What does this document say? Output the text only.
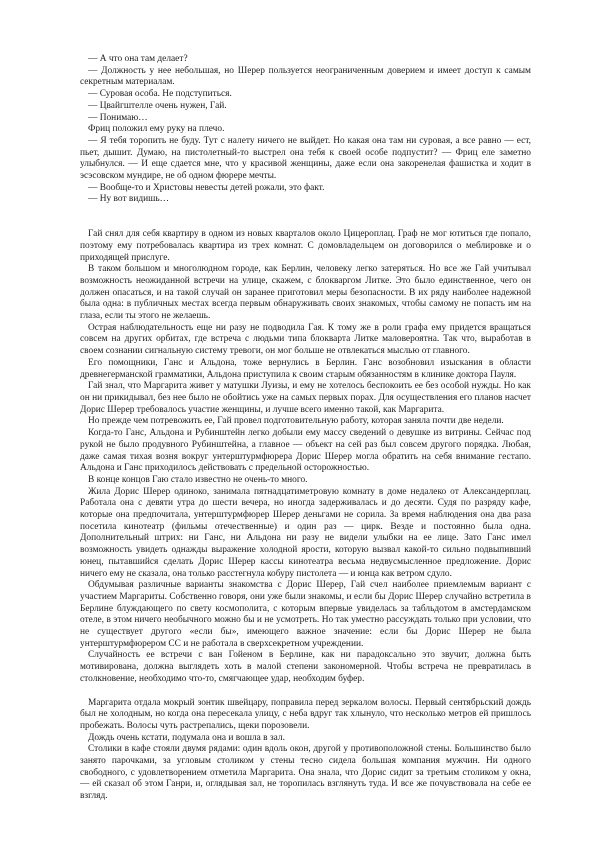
— А что она там делает?

— Должность у нее небольшая, но Шерер пользуется неограниченным доверием и имеет доступ к самым секретным материалам.

— Суровая особа. Не подступиться.

— Цвайгштелле очень нужен, Гай.

— Понимаю…

Фриц положил ему руку на плечо.

— Я тебя торопить не буду. Тут с налету ничего не выйдет. Но какая она там ни суровая, а все равно — ест, пьет, дышит. Думаю, на пистолетный-то выстрел она тебя к своей особе подпустит? — Фриц еле заметно улыбнулся. — И еще сдается мне, что у красивой женщины, даже если она закоренелая фашистка и ходит в эсэсовском мундире, не об одном фюрере мечты.

— Вообще-то и Христовы невесты детей рожали, это факт.

— Ну вот видишь…

Гай снял для себя квартиру в одном из новых кварталов около Цицероплац. Граф не мог ютиться где попало, поэтому ему потребовалась квартира из трех комнат. С домовладельцем он договорился о меблировке и о приходящей прислуге.

В таком большом и многолюдном городе, как Берлин, человеку легко затеряться. Но все же Гай учитывал возможность неожиданной встречи на улице, скажем, с блокваргом Литке. Это было единственное, чего он должен опасаться, и на такой случай он заранее приготовил меры безопасности. В их ряду наиболее надежной была одна: в публичных местах всегда первым обнаруживать своих знакомых, чтобы самому не попасть им на глаза, если ты этого не желаешь.

Острая наблюдательность еще ни разу не подводила Гая. К тому же в роли графа ему придется вращаться совсем на других орбитах, где встреча с людьми типа блокварта Литке маловероятна. Так что, выработав в своем сознании сигнальную систему тревоги, он мог больше не отвлекаться мыслью от главного.

Его помощники, Ганс и Альдона, тоже вернулись в Берлин. Ганс возобновил изыскания в области древнегерманской грамматики, Альдона приступила к своим старым обязанностям в клинике доктора Пауля.

Гай знал, что Маргарита живет у матушки Луизы, и ему не хотелось беспокоить ее без особой нужды. Но как он ни прикидывал, без нее было не обойтись уже на самых первых порах. Для осуществления его планов насчет Дорис Шерер требовалось участие женщины, и лучше всего именно такой, как Маргарита.

Но прежде чем потревожить ее, Гай провел подготовительную работу, которая заняла почти две недели.

Когда-то Ганс, Альдона и Рубинштейн легко добыли ему массу сведений о девушке из витрины. Сейчас под рукой не было продувного Рубинштейна, а главное — объект на сей раз был совсем другого порядка. Любая, даже самая тихая возня вокруг унтерштурмфюрера Дорис Шерер могла обратить на себя внимание гестапо. Альдона и Ганс приходилось действовать с предельной осторожностью.

В конце концов Гаю стало известно не очень-то много.

Жила Дорис Шерер одиноко, занимала пятнадцатиметровую комнату в доме недалеко от Александерплац. Работала она с девяти утра до шести вечера, но иногда задерживалась и до десяти. Судя по разряду кафе, которые она предпочитала, унтерштурмфюрер Шерер деньгами не сорила. За время наблюдения она два раза посетила кинотеатр (фильмы отечественные) и один раз — цирк. Везде и постоянно была одна. Дополнительный штрих: ни Ганс, ни Альдона ни разу не видели улыбки на ее лице. Зато Ганс имел возможность увидеть однажды выражение холодной ярости, которую вызвал какой-то сильно подвыпивший юнец, пытавшийся сделать Дорис Шерер кассы кинотеатра весьма недвусмысленное предложение. Дорис ничего ему не сказала, она только расстегнула кобуру пистолета — и юнца как ветром сдуло.

Обдумывая различные варианты знакомства с Дорис Шерер, Гай счел наиболее приемлемым вариант с участием Маргариты. Собственно говоря, они уже были знакомы, и если бы Дорис Шерер случайно встретила в Берлине блуждающего по свету космополита, с которым впервые увиделась за табльдотом в амстердамском отеле, в этом ничего необычного можно бы и не усмотреть. Но так уместно рассуждать только при условии, что не существует другого «если бы», имеющего важное значение: если бы Дорис Шерер не была унтерштурмфюрером СС и не работала в сверхсекретном учреждении.

Случайность ее встречи с ван Гойеном в Берлине, как ни парадоксально это звучит, должна быть мотивирована, должна выглядеть хоть в малой степени закономерной. Чтобы встреча не превратилась в столкновение, необходимо что-то, смягчающее удар, необходим буфер.

Маргарита отдала мокрый зонтик швейцару, поправила перед зеркалом волосы. Первый сентябрьский дождь был не холодным, но когда она пересекала улицу, с неба вдруг так хлынуло, что несколько метров ей пришлось пробежать. Волосы чуть растрепались, щеки порозовели.

Дождь очень кстати, подумала она и вошла в зал.

Столики в кафе стояли двумя рядами: один вдоль окон, другой у противоположной стены. Большинство было занято парочками, за угловым столиком у стены тесно сидела большая компания мужчин. Ни одного свободного, с удовлетворением отметила Маргарита. Она знала, что Дорис сидит за третьим столиком у окна, — ей сказал об этом Ганри, и, оглядывая зал, не торопилась взглянуть туда. И все же почувствовала на себе ее взгляд.
